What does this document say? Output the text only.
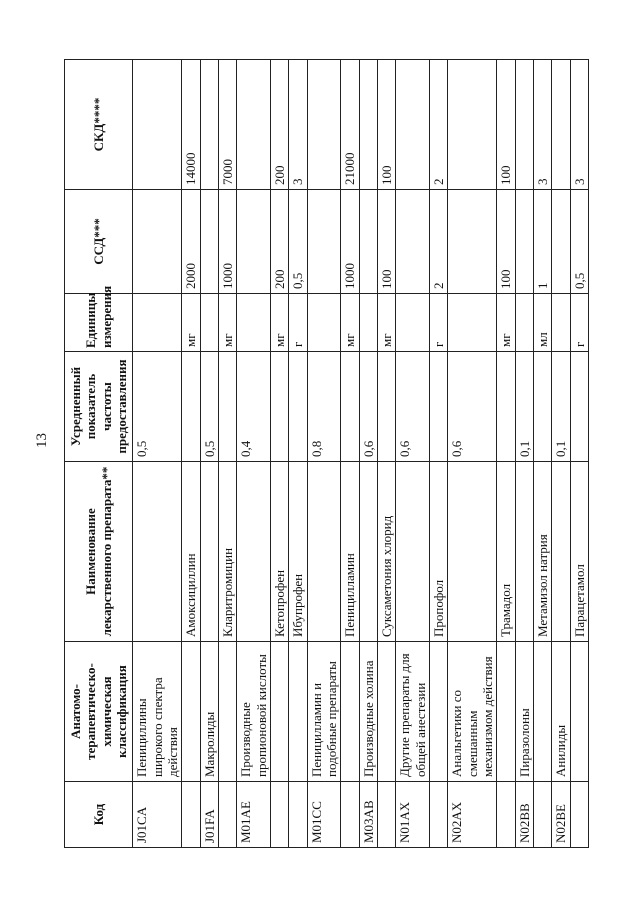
13
Код	Анатомо-терапевтическо-химическая классификация	Наименование лекарственного препарата**	Усредненный показатель частоты предоставления	Единицы измерения	ССД***	СКД****
J01CA	Пенициллины широкого спектра действия		0,5			
		Амоксициллин		мг	2000	14000
J01FA	Макролиды		0,5			
		Кларитромицин		мг	1000	7000
M01AE	Производные пропионовой кислоты		0,4			
		Кетопрофен		мг	200	200
		Ибупрофен		г	0,5	3
M01CC	Пеницилламин и подобные препараты		0,8			
		Пеницилламин		мг	1000	21000
M03AB	Производные холина		0,6			
		Суксаметония хлорид		мг	100	100
N01AX	Другие препараты для общей анестезии		0,6			
		Пропофол		г	2	2
N02AX	Анальгетики со смешанным механизмом действия		0,6			
		Трамадол		мг	100	100
N02BB	Пиразолоны		0,1			
		Метамизол натрия		мл	1	3
N02BE	Анилиды		0,1			
		Парацетамол		г	0,5	3
